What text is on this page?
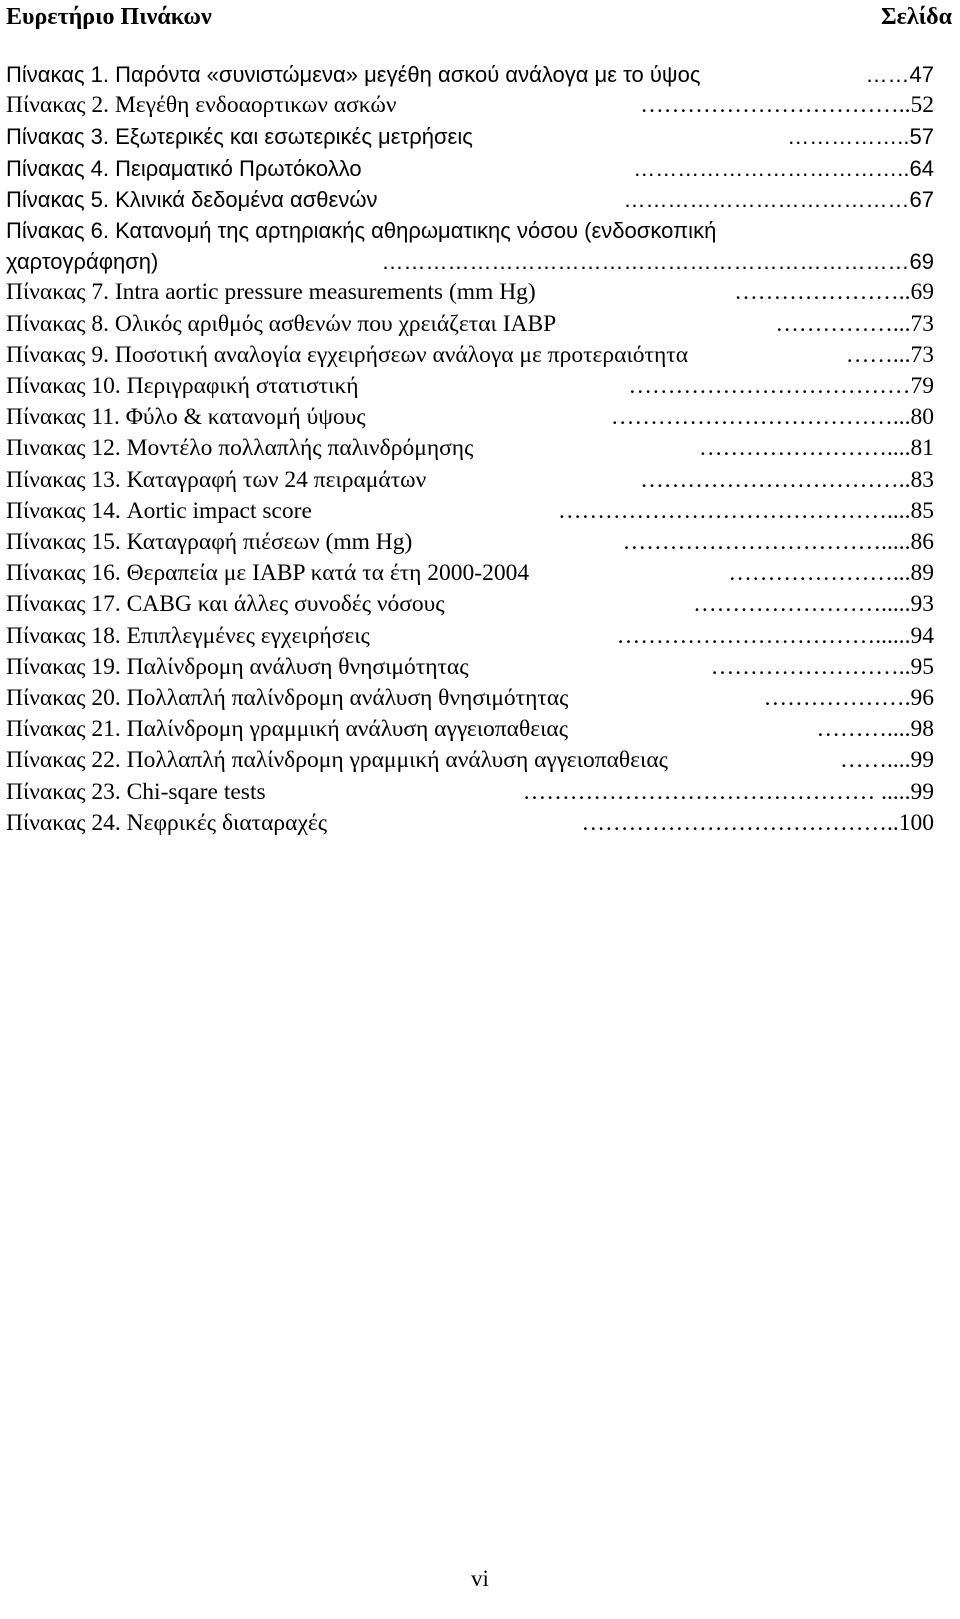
Ευρετήριο Πινάκων	Σελίδα
Πίνακας 1. Παρόντα «συνιστώμενα» μεγέθη ασκού ανάλογα με το ύψος	…… 47
Πίνακας 2. Μεγέθη ενδοαορτικων ασκών	…………………………….. 52
Πίνακας 3. Εξωτερικές και εσωτερικές μετρήσεις	…………….. 57
Πίνακας 4. Πειραματικό Πρωτόκολλο	……………………………….. 64
Πίνακας 5. Κλινικά δεδομένα ασθενών	………………………………… 67
Πίνακας 6. Κατανομή της αρτηριακής αθηρωματικης νόσου (ενδοσκοπική
χαρτογράφηση)	……………………………………………………………… 69
Πίνακας 7. Intra aortic pressure measurements (mm Hg)	………………….. 69
Πίνακας 8. Ολικός αριθμός ασθενών που χρειάζεται IABP	……………... 73
Πίνακας 9. Ποσοτική αναλογία εγχειρήσεων ανάλογα με προτεραιότητα	……... 73
Πίνακας 10. Περιγραφική στατιστική	……………………………… 79
Πίνακας 11. Φύλο & κατανομή ύψους	………………………………... 80
Πινακας 12. Μοντέλο πολλαπλής παλινδρόμησης	…………………….... 81
Πίνακας 13. Καταγραφή των 24 πειραμάτων	…………………………….. 83
Πίνακας 14. Aortic impact score	…………………………………….... 85
Πίνακας 15. Καταγραφή πιέσεων (mm Hg)	……………………………..... 86
Πίνακας 16. Θεραπεία με IABP κατά τα έτη 2000-2004	…………………... 89
Πίνακας 17. CABG και άλλες συνοδές νόσους	……………………..... 93
Πίνακας 18. Επιπλεγμένες εγχειρήσεις	……………………………...... 94
Πίνακας 19. Παλίνδρομη ανάλυση θνησιμότητας	…………………….. 95
Πίνακας 20. Πολλαπλή παλίνδρομη ανάλυση θνησιμότητας	………………. 96
Πίνακας 21. Παλίνδρομη γραμμική ανάλυση αγγειοπαθειας	……….... 98
Πίνακας 22. Πολλαπλή παλίνδρομη γραμμική ανάλυση αγγειοπαθειας	…….... 99
Πίνακας 23. Chi-sqare tests	……………………………………… ..... 99
Πίνακας 24. Νεφρικές διαταραχές	………………………………….. 100
vi
